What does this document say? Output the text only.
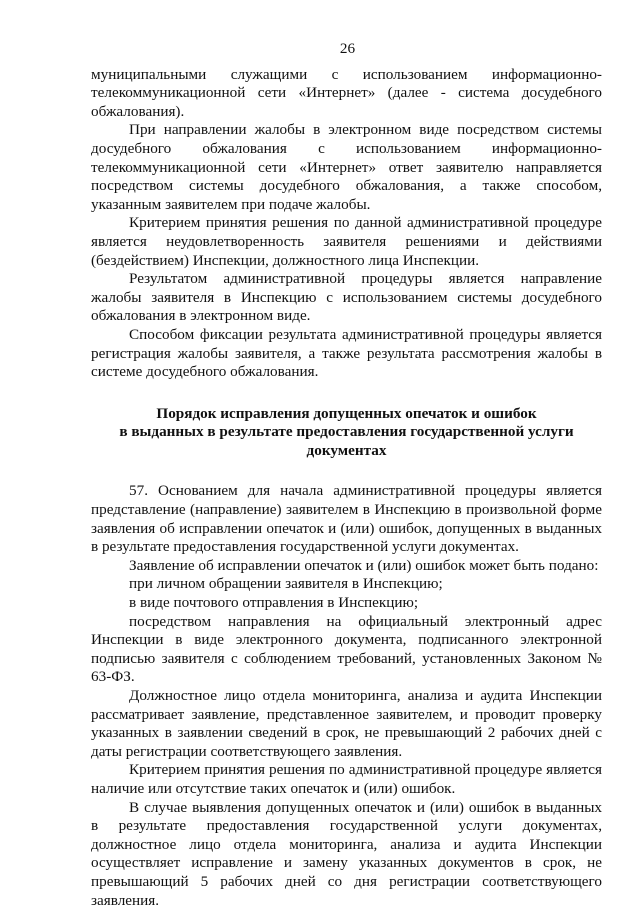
26

муниципальными служащими с использованием информационно-телекоммуникационной сети «Интернет» (далее - система досудебного обжалования).

При направлении жалобы в электронном виде посредством системы досудебного обжалования с использованием информационно-телекоммуникационной сети «Интернет» ответ заявителю направляется посредством системы досудебного обжалования, а также способом, указанным заявителем при подаче жалобы.

Критерием принятия решения по данной административной процедуре является неудовлетворенность заявителя решениями и действиями (бездействием) Инспекции, должностного лица Инспекции.

Результатом административной процедуры является направление жалобы заявителя в Инспекцию с использованием системы досудебного обжалования в электронном виде.

Способом фиксации результата административной процедуры является регистрация жалобы заявителя, а также результата рассмотрения жалобы в системе досудебного обжалования.

Порядок исправления допущенных опечаток и ошибок
в выданных в результате предоставления государственной услуги
документах

57. Основанием для начала административной процедуры является представление (направление) заявителем в Инспекцию в произвольной форме заявления об исправлении опечаток и (или) ошибок, допущенных в выданных в результате предоставления государственной услуги документах.

Заявление об исправлении опечаток и (или) ошибок может быть подано:

при личном обращении заявителя в Инспекцию;

в виде почтового отправления в Инспекцию;

посредством направления на официальный электронный адрес Инспекции в виде электронного документа, подписанного электронной подписью заявителя с соблюдением требований, установленных Законом № 63-ФЗ.

Должностное лицо отдела мониторинга, анализа и аудита Инспекции рассматривает заявление, представленное заявителем, и проводит проверку указанных в заявлении сведений в срок, не превышающий 2 рабочих дней с даты регистрации соответствующего заявления.

Критерием принятия решения по административной процедуре является наличие или отсутствие таких опечаток и (или) ошибок.

В случае выявления допущенных опечаток и (или) ошибок в выданных в результате предоставления государственной услуги документах, должностное лицо отдела мониторинга, анализа и аудита Инспекции осуществляет исправление и замену указанных документов в срок, не превышающий 5 рабочих дней со дня регистрации соответствующего заявления.
